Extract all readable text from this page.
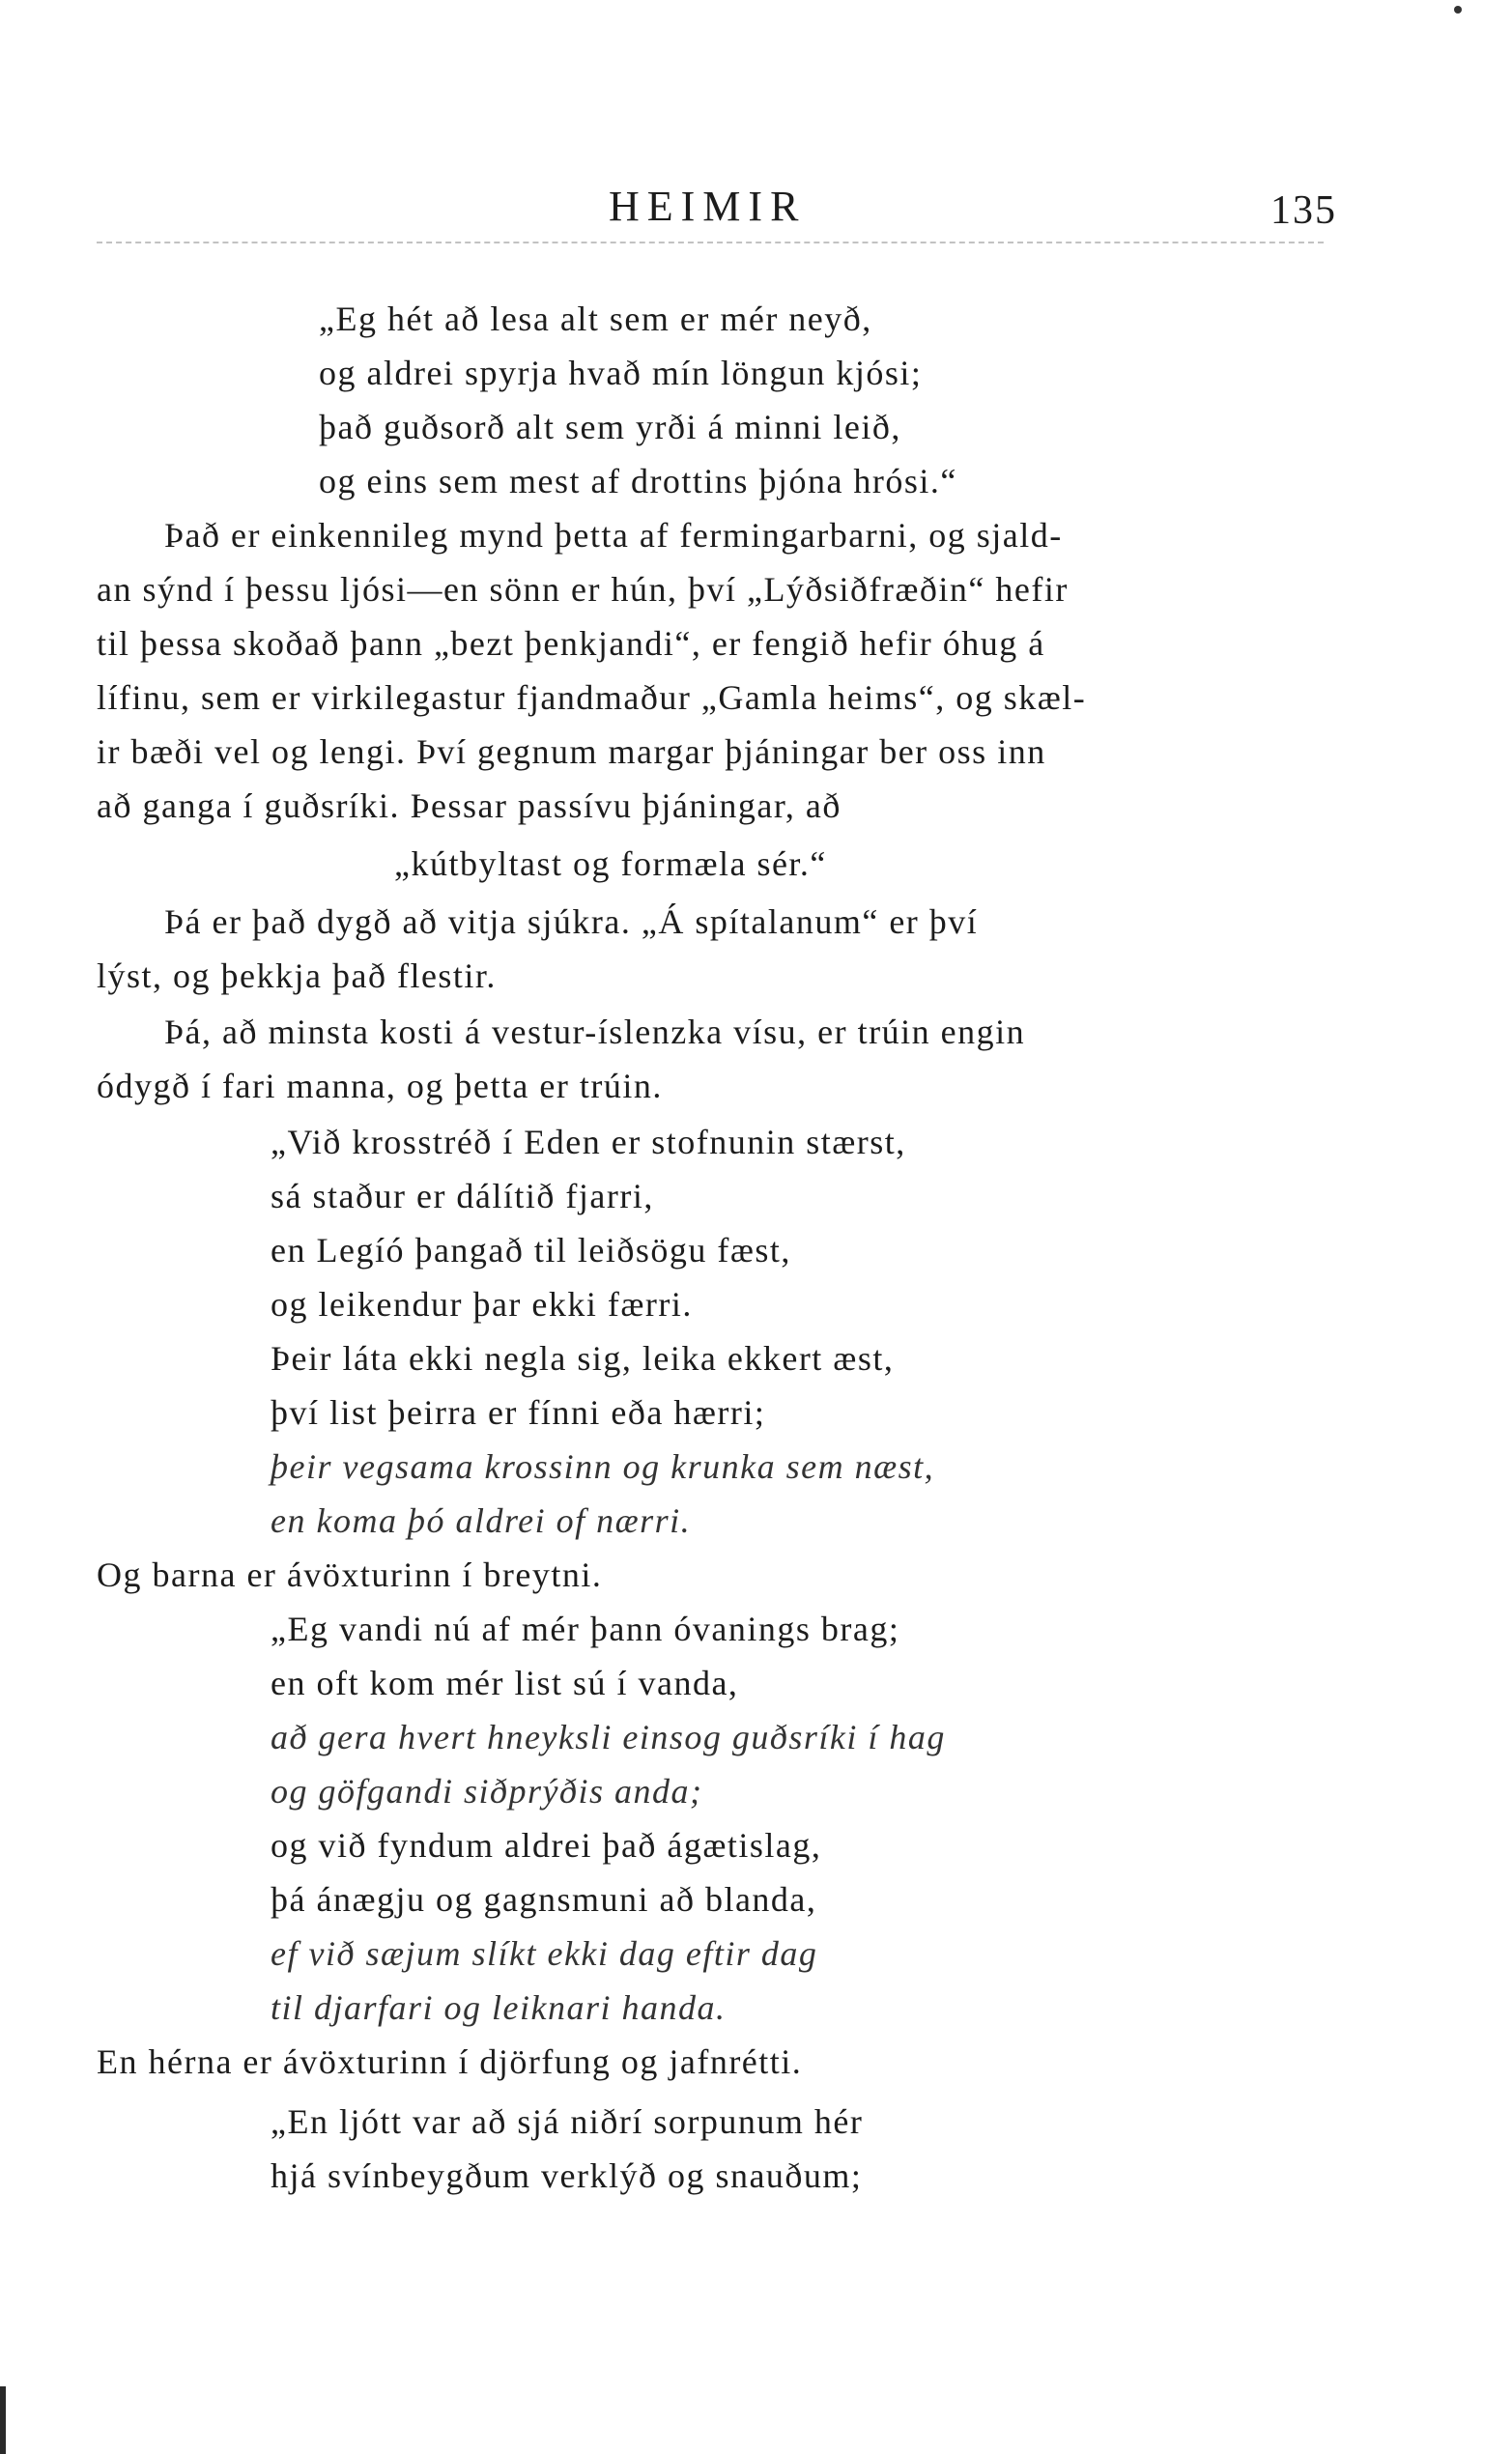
HEIMIR	135
„Eg hét að lesa alt sem er mér neyð,
og aldrei spyrja hvað mín löngun kjósi;
það guðsorð alt sem yrði á minni leið,
og eins sem mest af drottins þjóna hrósi.“
Það er einkennileg mynd þetta af fermingarbarni, og sjald-
an sýnd í þessu ljósi—en sönn er hún, því „Lýðsiðfræðin“ hefir
til þessa skoðað þann „bezt þenkjandi“, er fengið hefir óhug á
lífinu, sem er virkilegastur fjandmaður „Gamla heims“, og skæl-
ir bæði vel og lengi. Því gegnum margar þjáningar ber oss inn
að ganga í guðsríki. Þessar passívu þjáningar, að
„kútbyltast og formæla sér.“
Þá er það dygð að vitja sjúkra. „Á spítalanum“ er því
lýst, og þekkja það flestir.
Þá, að minsta kosti á vestur-íslenzka vísu, er trúin engin
ódygð í fari manna, og þetta er trúin.
„Við krosstréð í Eden er stofnunin stærst,
sá staður er dálítið fjarri,
en Legíó þangað til leiðsögu fæst,
og leikendur þar ekki færri.
Þeir láta ekki negla sig, leika ekkert æst,
því list þeirra er fínni eða hærri;
þeir vegsama krossinn og krunka sem næst,
en koma þó aldrei of nærri.
Og barna er ávöxturinn í breytni.
„Eg vandi nú af mér þann óvanings brag;
en oft kom mér list sú í vanda,
að gera hvert hneyksli einsog guðsríki í hag
og göfgandi siðprýðis anda;
og við fyndum aldrei það ágætislag,
þá ánægju og gagnsmuni að blanda,
ef við sæjum slíkt ekki dag eftir dag
til djarfari og leiknari handa.
En hérna er ávöxturinn í djörfung og jafnrétti.
„En ljótt var að sjá niðrí sorpunum hér
hjá svínbeygðum verklýð og snauðum;
